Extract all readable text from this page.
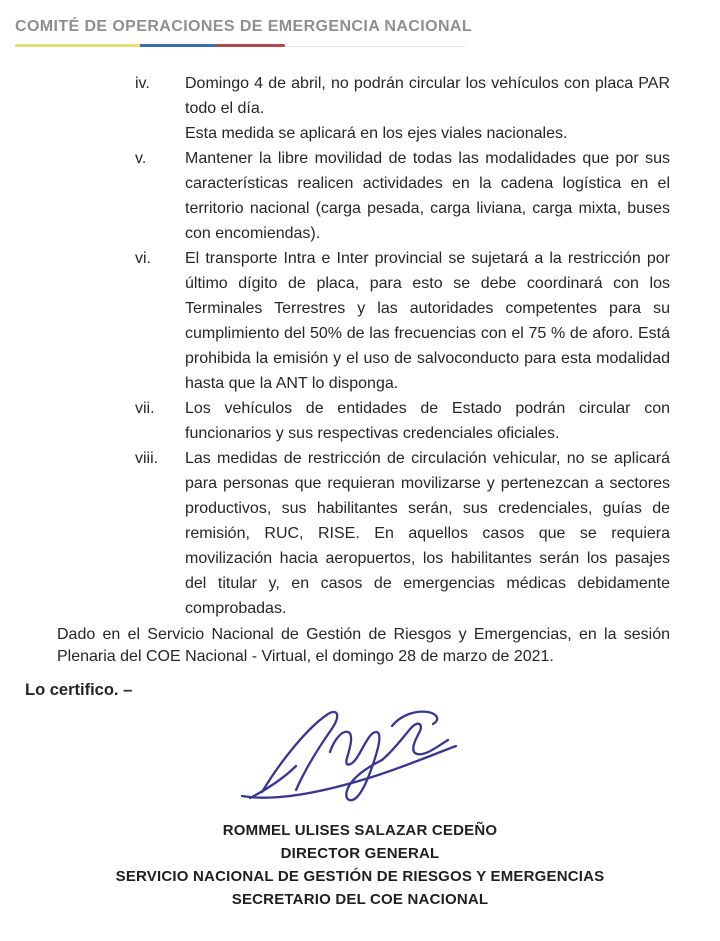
COMITÉ DE OPERACIONES DE EMERGENCIA NACIONAL
iv.	Domingo 4 de abril, no podrán circular los vehículos con placa PAR todo el día.

Esta medida se aplicará en los ejes viales nacionales.

v.	Mantener la libre movilidad de todas las modalidades que por sus características realicen actividades en la cadena logística en el territorio nacional (carga pesada, carga liviana, carga mixta, buses con encomiendas).

vi.	El transporte Intra e Inter provincial se sujetará a la restricción por último dígito de placa, para esto se debe coordinará con los Terminales Terrestres y las autoridades competentes para su cumplimiento del 50% de las frecuencias con el 75 % de aforo. Está prohibida la emisión y el uso de salvoconducto para esta modalidad hasta que la ANT lo disponga.

vii.	Los vehículos de entidades de Estado podrán circular con funcionarios y sus respectivas credenciales oficiales.

viii.	Las medidas de restricción de circulación vehicular, no se aplicará para personas que requieran movilizarse y pertenezcan a sectores productivos, sus habilitantes serán, sus credenciales, guías de remisión, RUC, RISE. En aquellos casos que se requiera movilización hacia aeropuertos, los habilitantes serán los pasajes del titular y, en casos de emergencias médicas debidamente comprobadas.

Dado en el Servicio Nacional de Gestión de Riesgos y Emergencias, en la sesión Plenaria del COE Nacional - Virtual, el domingo 28 de marzo de 2021.
Lo certifico. –
ROMMEL ULISES SALAZAR CEDEÑO
DIRECTOR GENERAL
SERVICIO NACIONAL DE GESTIÓN DE RIESGOS Y EMERGENCIAS
SECRETARIO DEL COE NACIONAL
